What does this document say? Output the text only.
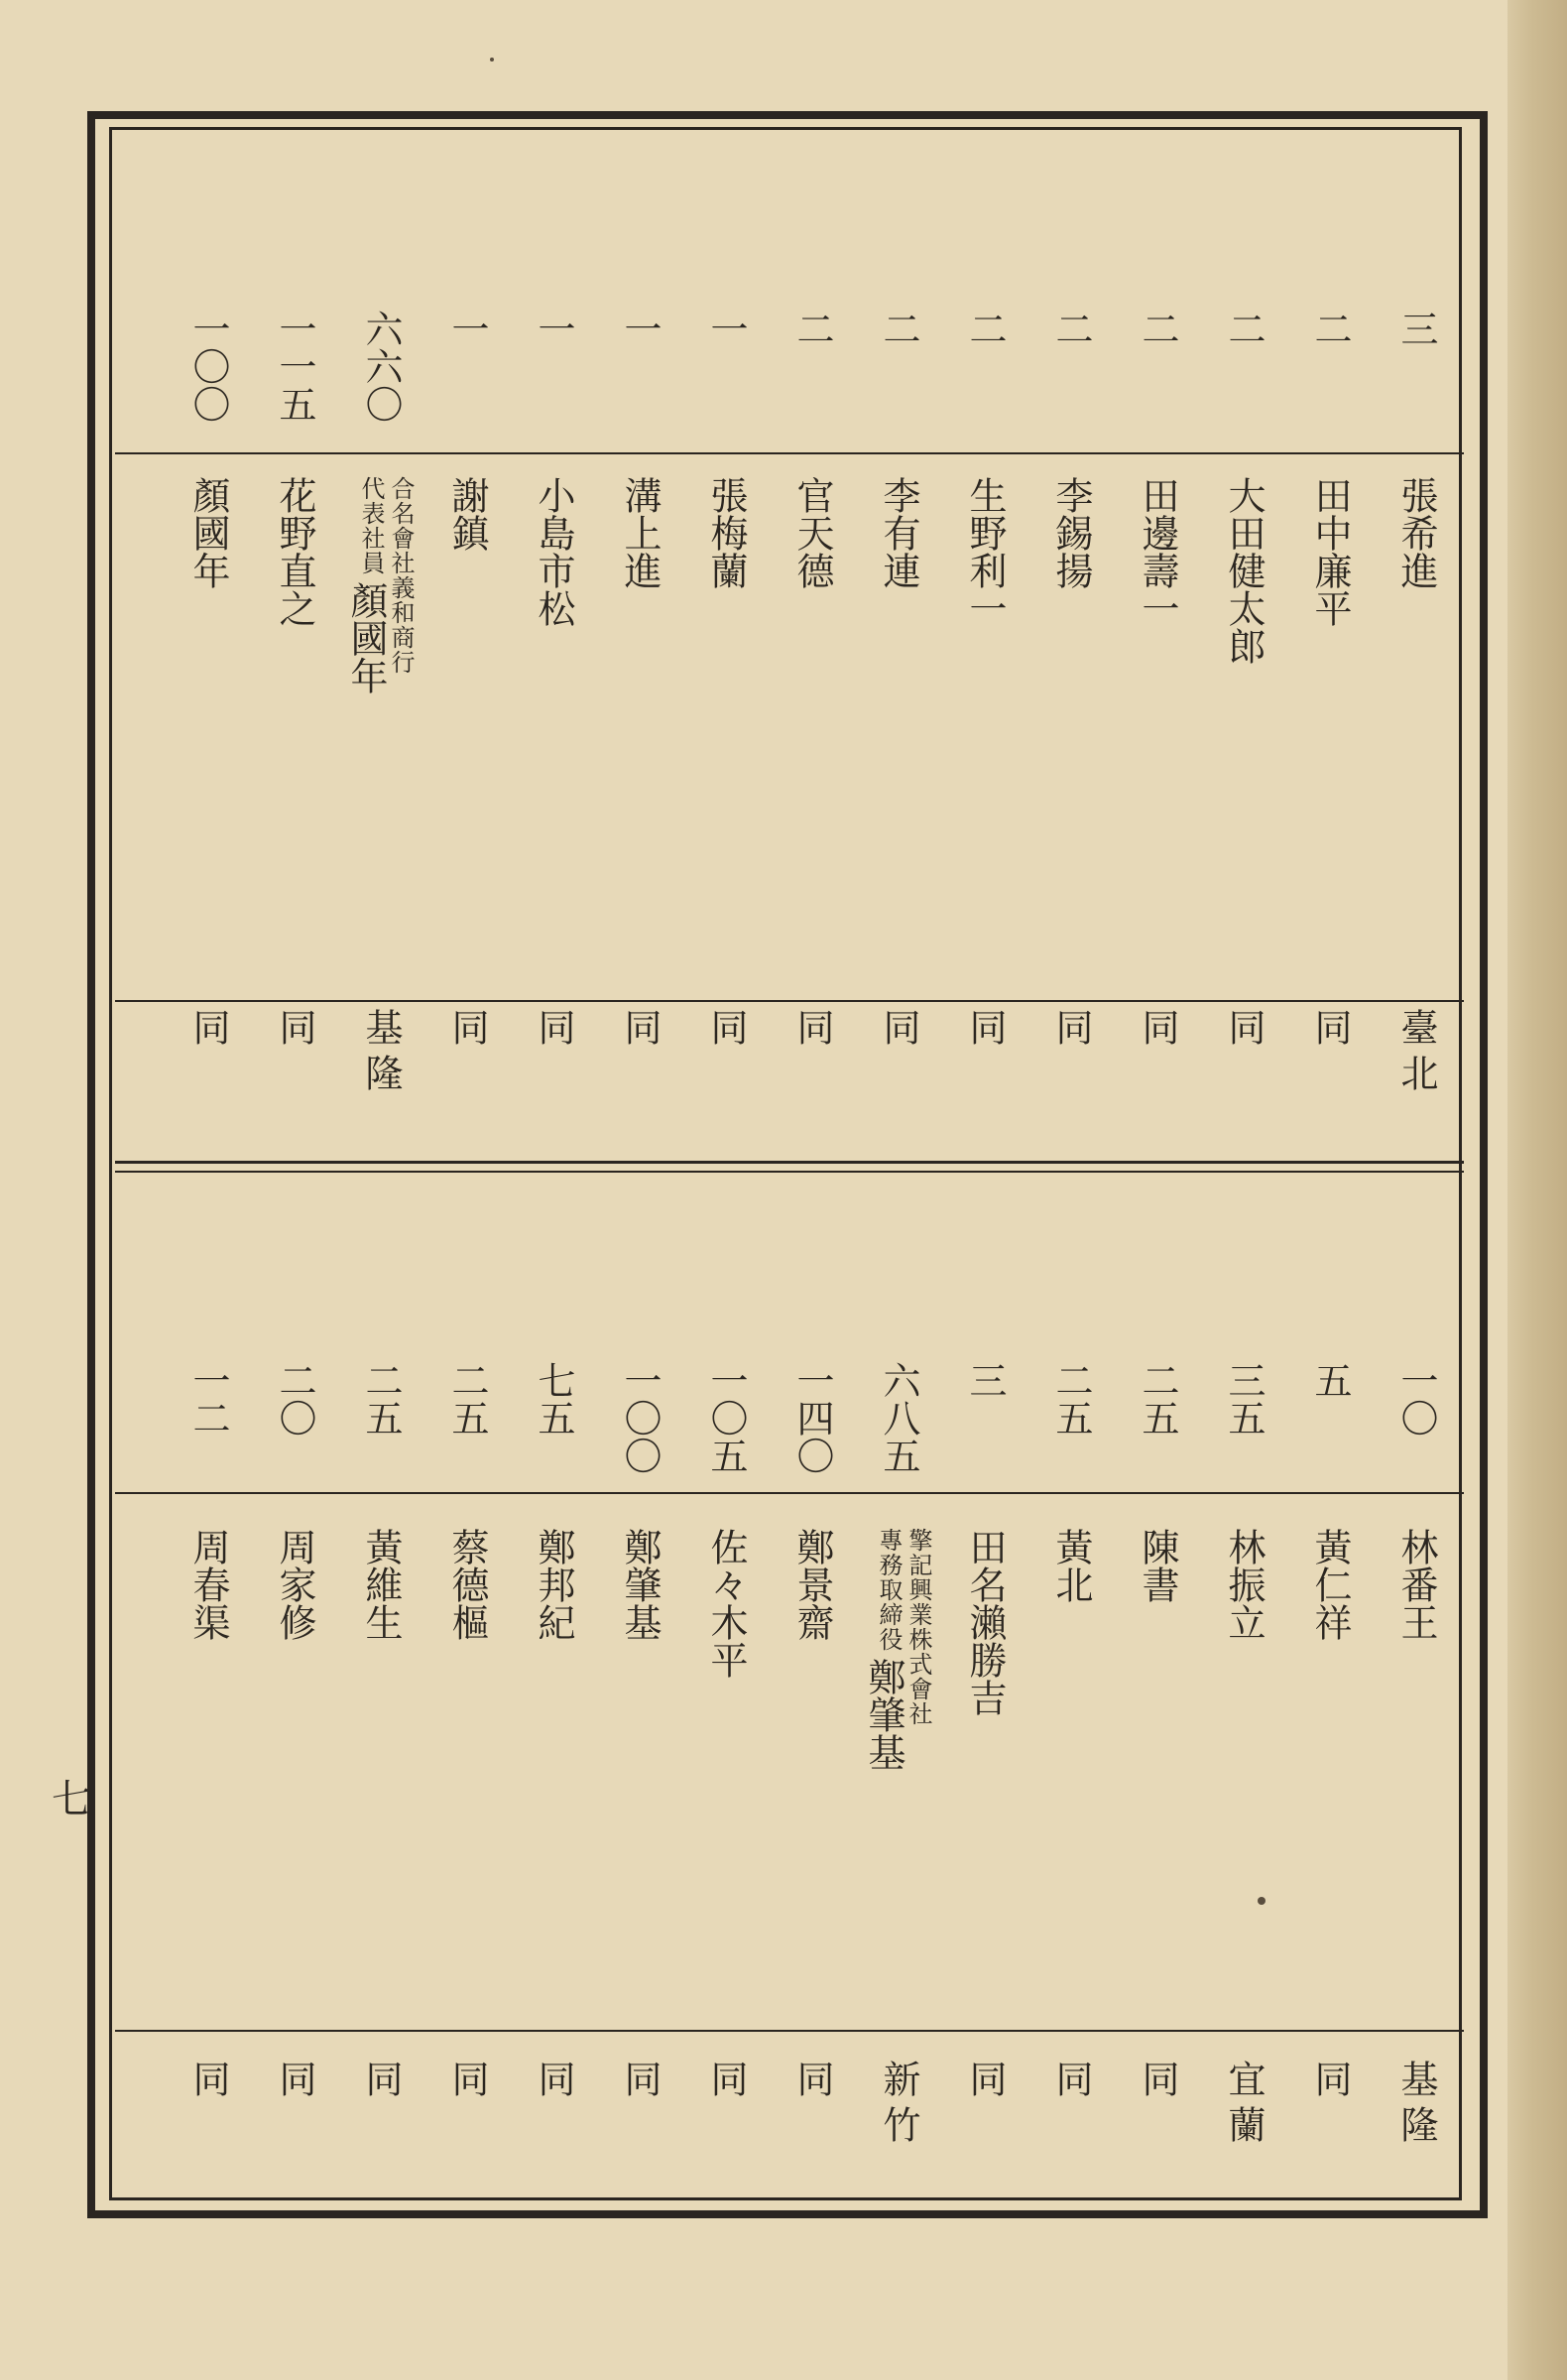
三
張希進
臺北
二
田中廉平
同
二
大田健太郎
同
二
田邊壽一
同
二
李錫揚
同
二
生野利一
同
二
李有連
同
二
官天德
同
一
張梅蘭
同
一
溝上進
同
一
小島市松
同
一
謝鎮
同
六六〇
合名會社義和商行
代表社員
顏國年
基隆
一一五
花野直之
同
一〇〇
顏國年
同
一〇
林番王
基隆
五
黃仁祥
同
三五
林振立
宜蘭
二五
陳書
同
二五
黃北
同
三
田名瀨勝吉
同
六八五
擎記興業株式會社
專務取締役
鄭肇基
新竹
一四〇
鄭景齋
同
一〇五
佐々木平
同
一〇〇
鄭肇基
同
七五
鄭邦紀
同
二五
蔡德樞
同
二五
黃維生
同
二〇
周家修
同
一二
周春渠
同
七
